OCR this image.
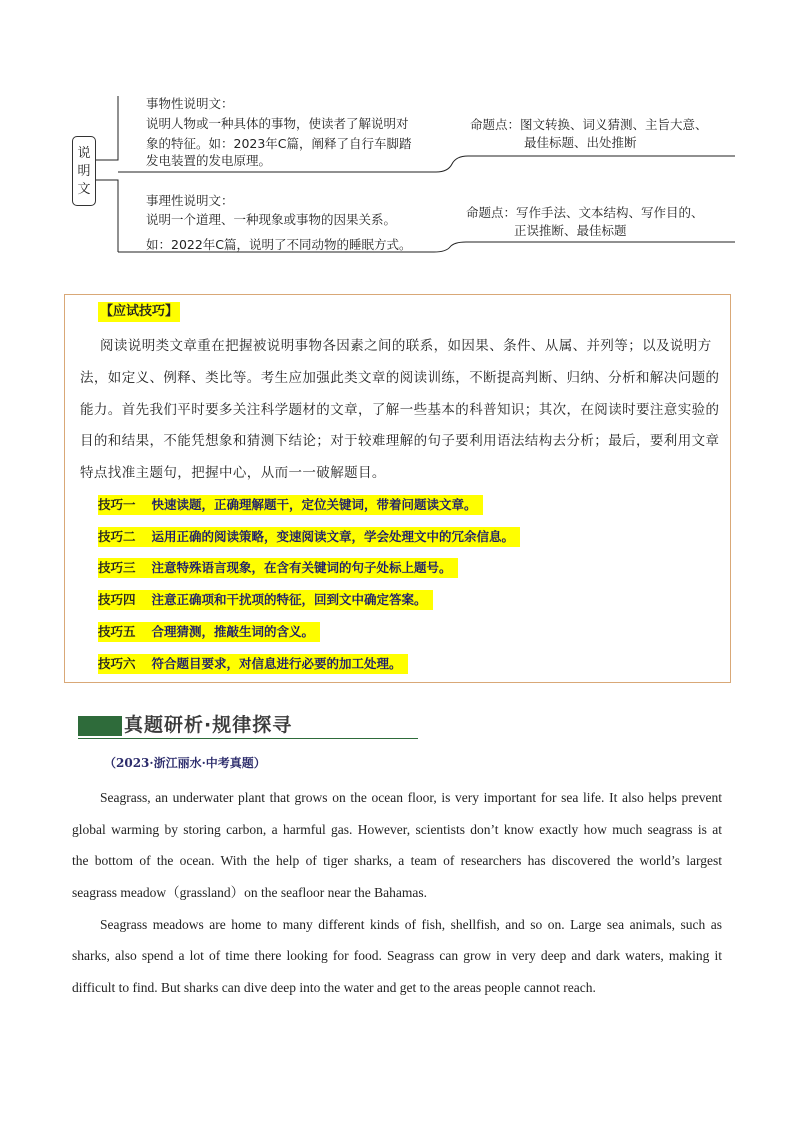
说
明
文
事物性说明文：
说明人物或一种具体的事物，使读者了解说明对
象的特征。如：2023年C篇，阐释了自行车脚踏
发电装置的发电原理。
命题点：图文转换、词义猜测、主旨大意、
最佳标题、出处推断
事理性说明文：
说明一个道理、一种现象或事物的因果关系。
如：2022年C篇，说明了不同动物的睡眠方式。
命题点：写作手法、文本结构、写作目的、
正误推断、最佳标题
【应试技巧】
阅读说明类文章重在把握被说明事物各因素之间的联系，如因果、条件、从属、并列等；以及说明方
法，如定义、例释、类比等。考生应加强此类文章的阅读训练，不断提高判断、归纳、分析和解决问题的
能力。首先我们平时要多关注科学题材的文章，了解一些基本的科普知识；其次，在阅读时要注意实验的
目的和结果，不能凭想象和猜测下结论；对于较难理解的句子要利用语法结构去分析；最后，要利用文章
特点找准主题句，把握中心，从而一一破解题目。
技巧一 快速读题，正确理解题干，定位关键词，带着问题读文章。
技巧二 运用正确的阅读策略，变速阅读文章，学会处理文中的冗余信息。
技巧三 注意特殊语言现象，在含有关键词的句子处标上题号。
技巧四 注意正确项和干扰项的特征，回到文中确定答案。
技巧五 合理猜测，推敲生词的含义。
技巧六 符合题目要求，对信息进行必要的加工处理。
真题研析·规律探寻
（2023·浙江丽水·中考真题）
Seagrass, an underwater plant that grows on the ocean floor, is very important for sea life. It also helps prevent
global warming by storing carbon, a harmful gas. However, scientists don’t know exactly how much seagrass is at
the bottom of the ocean. With the help of tiger sharks, a team of researchers has discovered the world’s largest
seagrass meadow（grassland）on the seafloor near the Bahamas.
Seagrass meadows are home to many different kinds of fish, shellfish, and so on. Large sea animals, such as
sharks, also spend a lot of time there looking for food. Seagrass can grow in very deep and dark waters, making it
difficult to find. But sharks can dive deep into the water and get to the areas people cannot reach.
